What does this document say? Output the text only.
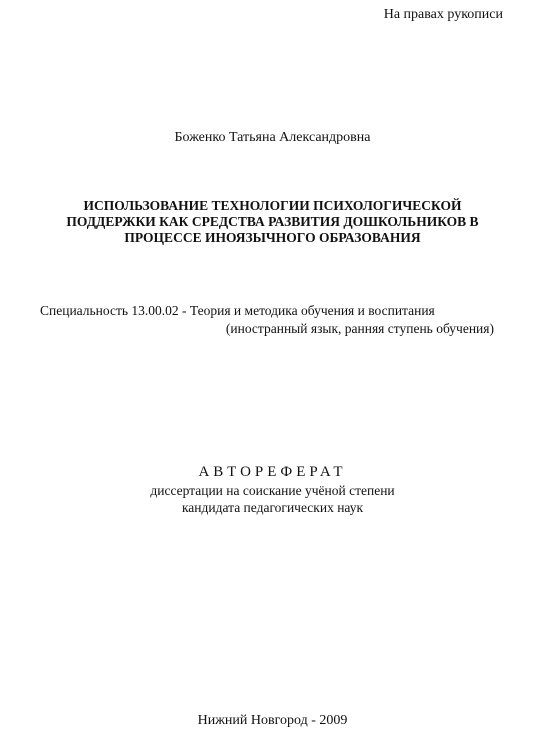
На правах рукописи
Боженко Татьяна Александровна
ИСПОЛЬЗОВАНИЕ ТЕХНОЛОГИИ ПСИХОЛОГИЧЕСКОЙ
ПОДДЕРЖКИ КАК СРЕДСТВА РАЗВИТИЯ ДОШКОЛЬНИКОВ В
ПРОЦЕССЕ ИНОЯЗЫЧНОГО ОБРАЗОВАНИЯ
Специальность 13.00.02 - Теория и методика обучения и воспитания
(иностранный язык, ранняя ступень обучения)
АВТОРЕФЕРАТ
диссертации на соискание учёной степени
кандидата педагогических наук
Нижний Новгород - 2009
